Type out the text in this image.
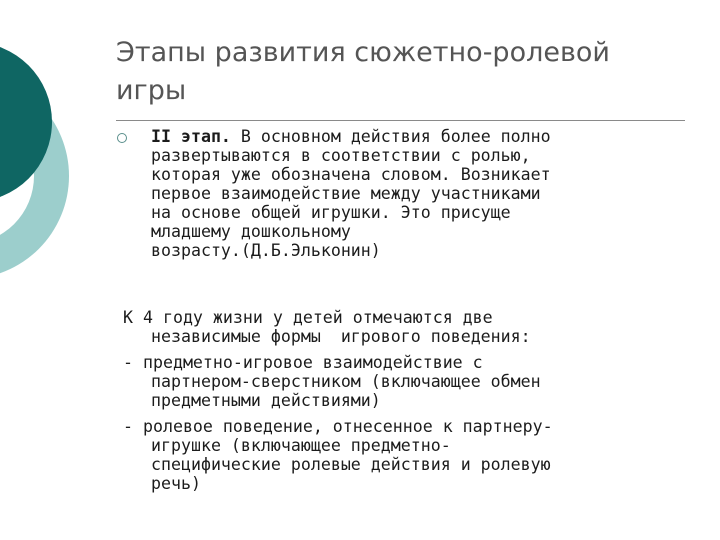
Этапы развития сюжетно-ролевой
игры
II этап. В основном действия более полно
развертываются в соответствии с ролью,
которая уже обозначена словом. Возникает
первое взаимодействие между участниками
на основе общей игрушки. Это присуще
младшему дошкольному
возрасту.(Д.Б.Эльконин)
К 4 году жизни у детей отмечаются две
независимые формы  игрового поведения:
- предметно-игровое взаимодействие с
партнером-сверстником (включающее обмен
предметными действиями)
- ролевое поведение, отнесенное к партнеру-
игрушке (включающее предметно-
специфические ролевые действия и ролевую
речь)
